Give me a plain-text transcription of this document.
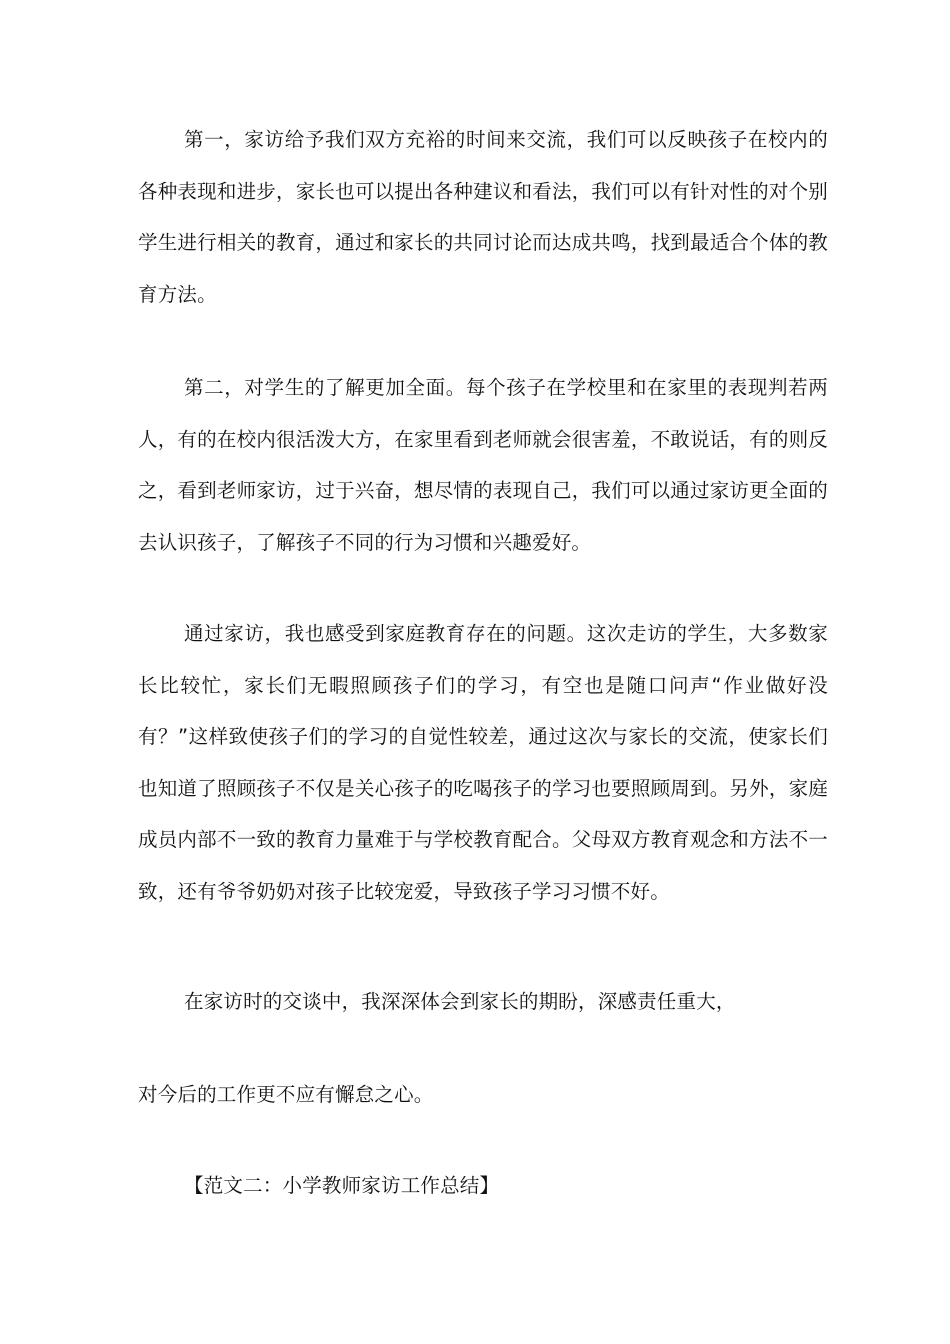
第一，家访给予我们双方充裕的时间来交流，我们可以反映孩子在校内的各种表现和进步，家长也可以提出各种建议和看法，我们可以有针对性的对个别学生进行相关的教育，通过和家长的共同讨论而达成共鸣，找到最适合个体的教育方法。

第二，对学生的了解更加全面。每个孩子在学校里和在家里的表现判若两人，有的在校内很活泼大方，在家里看到老师就会很害羞，不敢说话，有的则反之，看到老师家访，过于兴奋，想尽情的表现自己，我们可以通过家访更全面的去认识孩子，了解孩子不同的行为习惯和兴趣爱好。

通过家访，我也感受到家庭教育存在的问题。这次走访的学生，大多数家长比较忙，家长们无暇照顾孩子们的学习，有空也是随口问声“作业做好没有？”这样致使孩子们的学习的自觉性较差，通过这次与家长的交流，使家长们也知道了照顾孩子不仅是关心孩子的吃喝孩子的学习也要照顾周到。另外，家庭成员内部不一致的教育力量难于与学校教育配合。父母双方教育观念和方法不一致，还有爷爷奶奶对孩子比较宠爱，导致孩子学习习惯不好。

在家访时的交谈中，我深深体会到家长的期盼，深感责任重大，

对今后的工作更不应有懈怠之心。

【范文二：小学教师家访工作总结】
